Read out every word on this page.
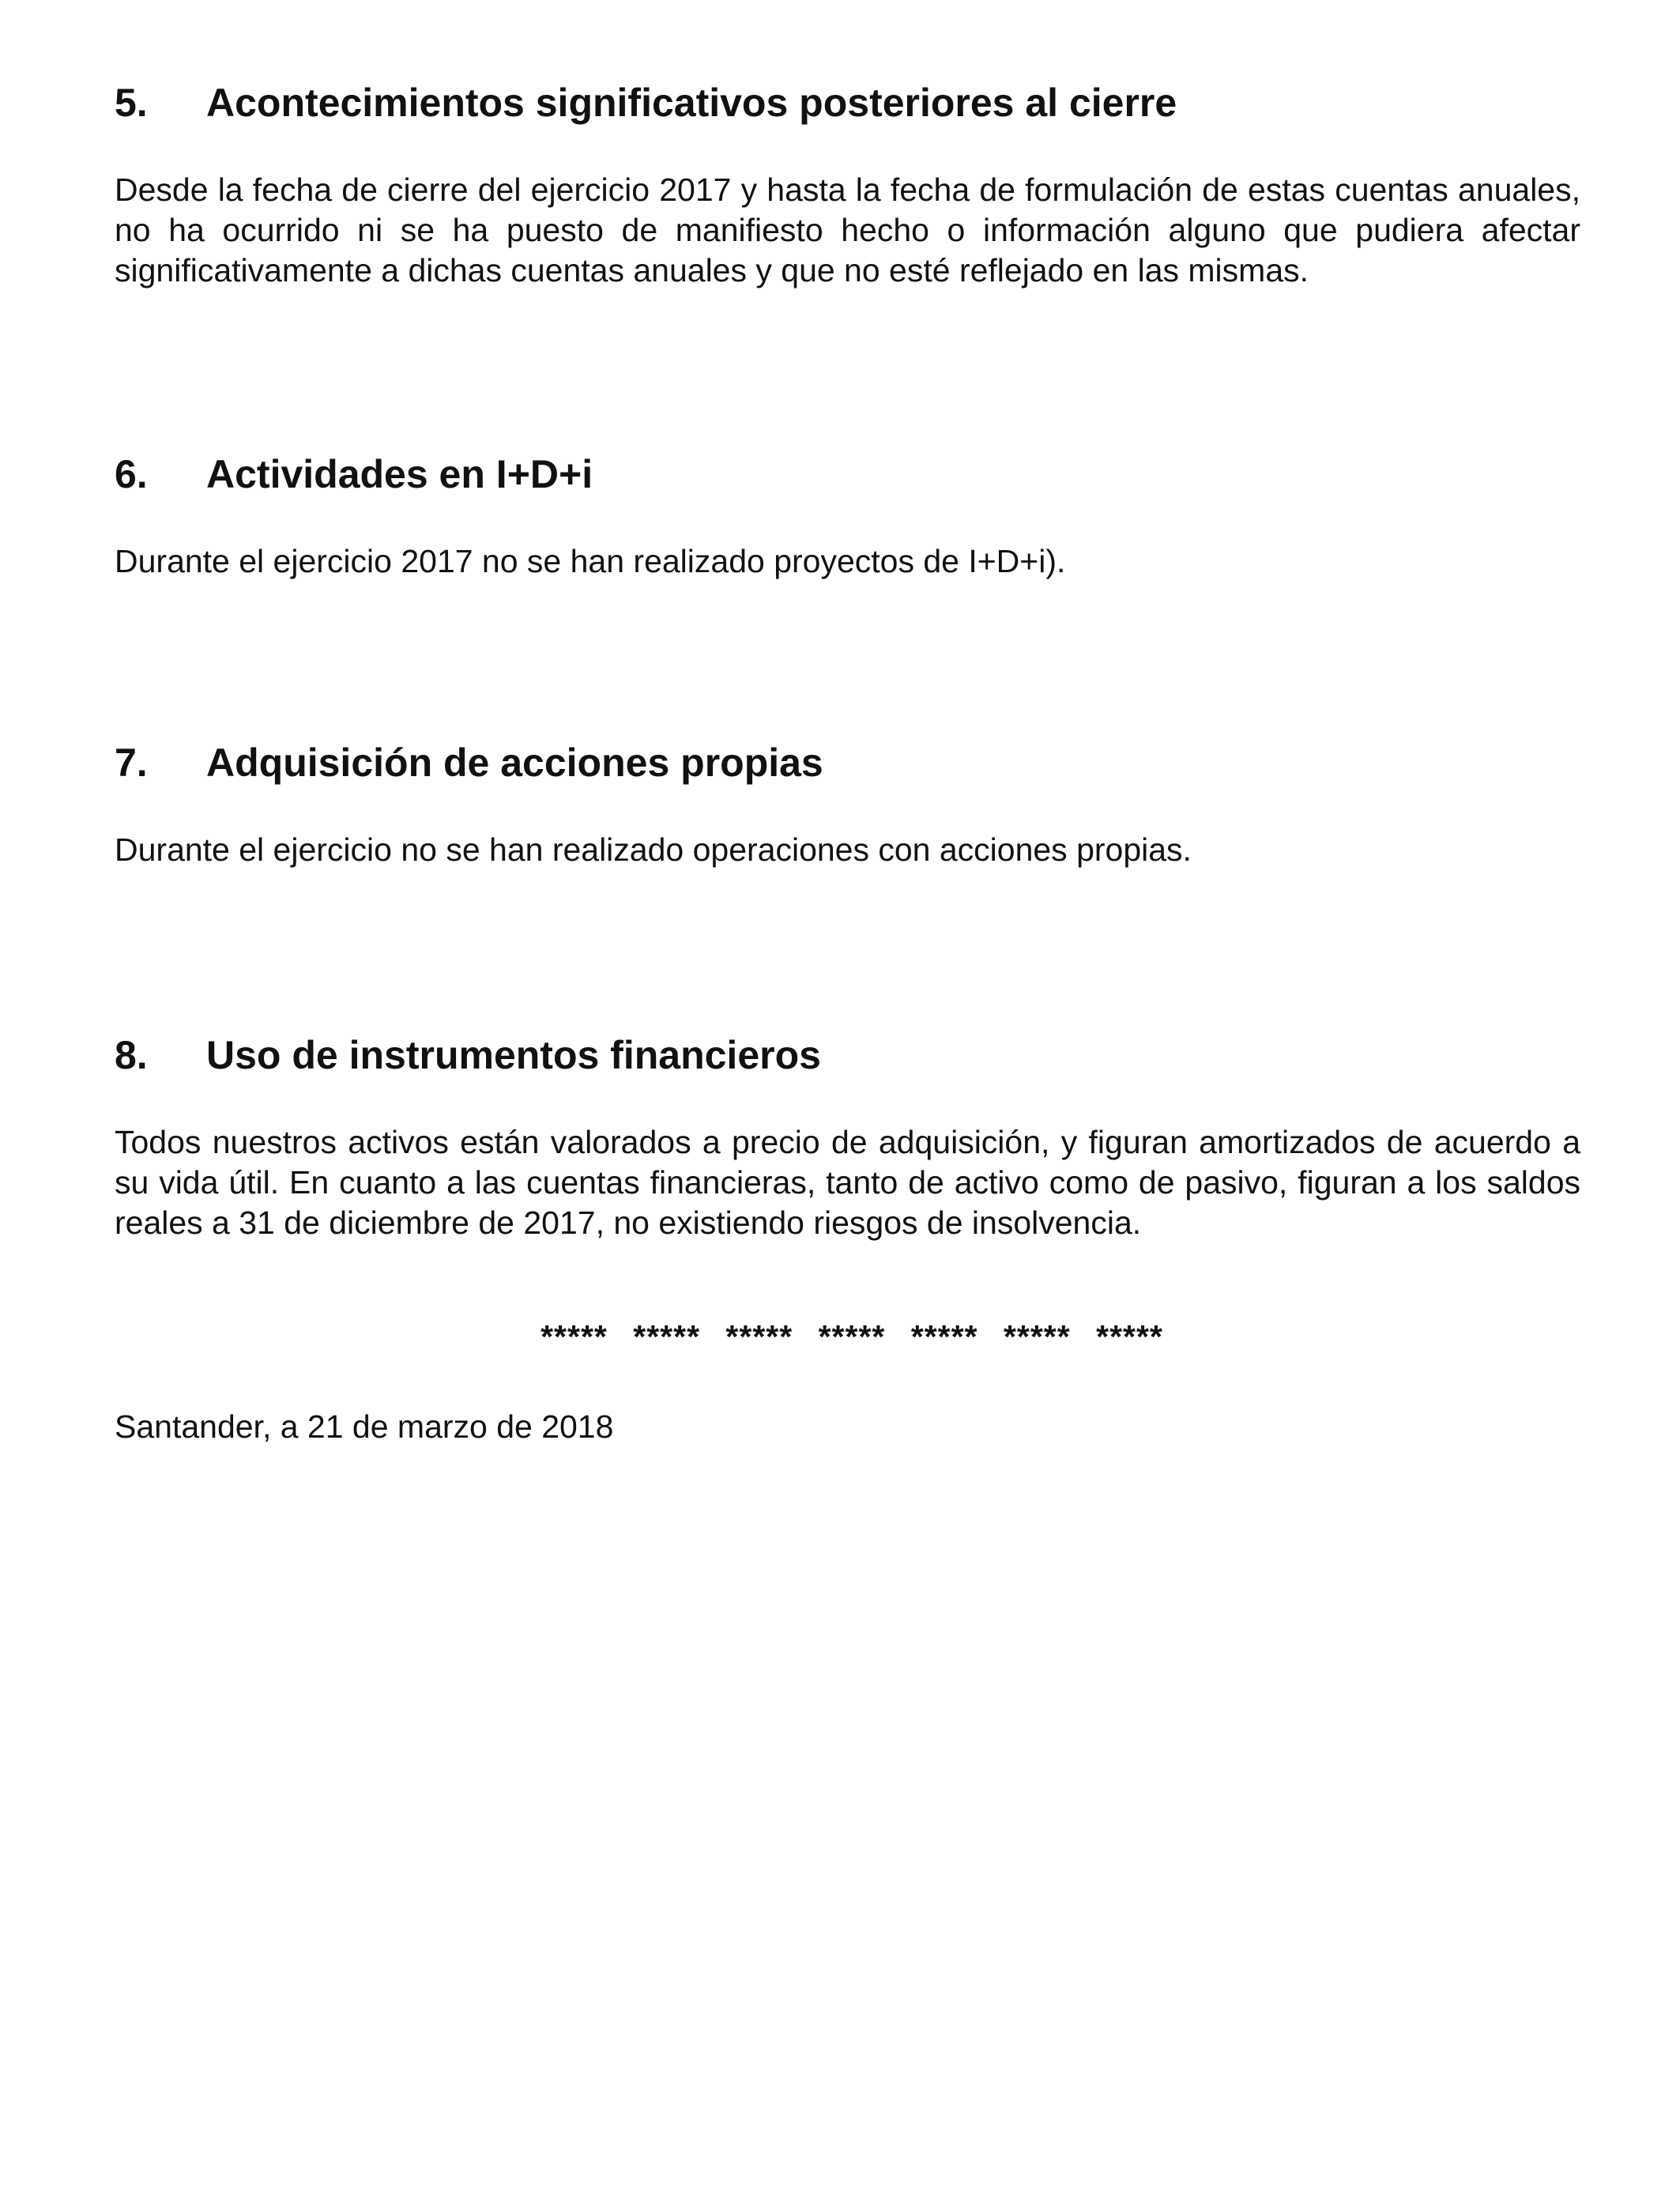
5.	Acontecimientos significativos posteriores al cierre

Desde la fecha de cierre del ejercicio 2017 y hasta la fecha de formulación de estas cuentas anuales, no ha ocurrido ni se ha puesto de manifiesto hecho o información alguno que pudiera afectar significativamente a dichas cuentas anuales y que no esté reflejado en las mismas.

6.	Actividades en I+D+i

Durante el ejercicio 2017 no se han realizado proyectos de I+D+i).

7.	Adquisición de acciones propias

Durante el ejercicio no se han realizado operaciones con acciones propias.

8.	Uso de instrumentos financieros

Todos nuestros activos están valorados a precio de adquisición, y figuran amortizados de acuerdo a su vida útil. En cuanto a las cuentas financieras, tanto de activo como de pasivo, figuran a los saldos reales a 31 de diciembre de 2017, no existiendo riesgos de insolvencia.

***** ***** ***** ***** ***** ***** *****
Santander, a 21 de marzo de 2018
